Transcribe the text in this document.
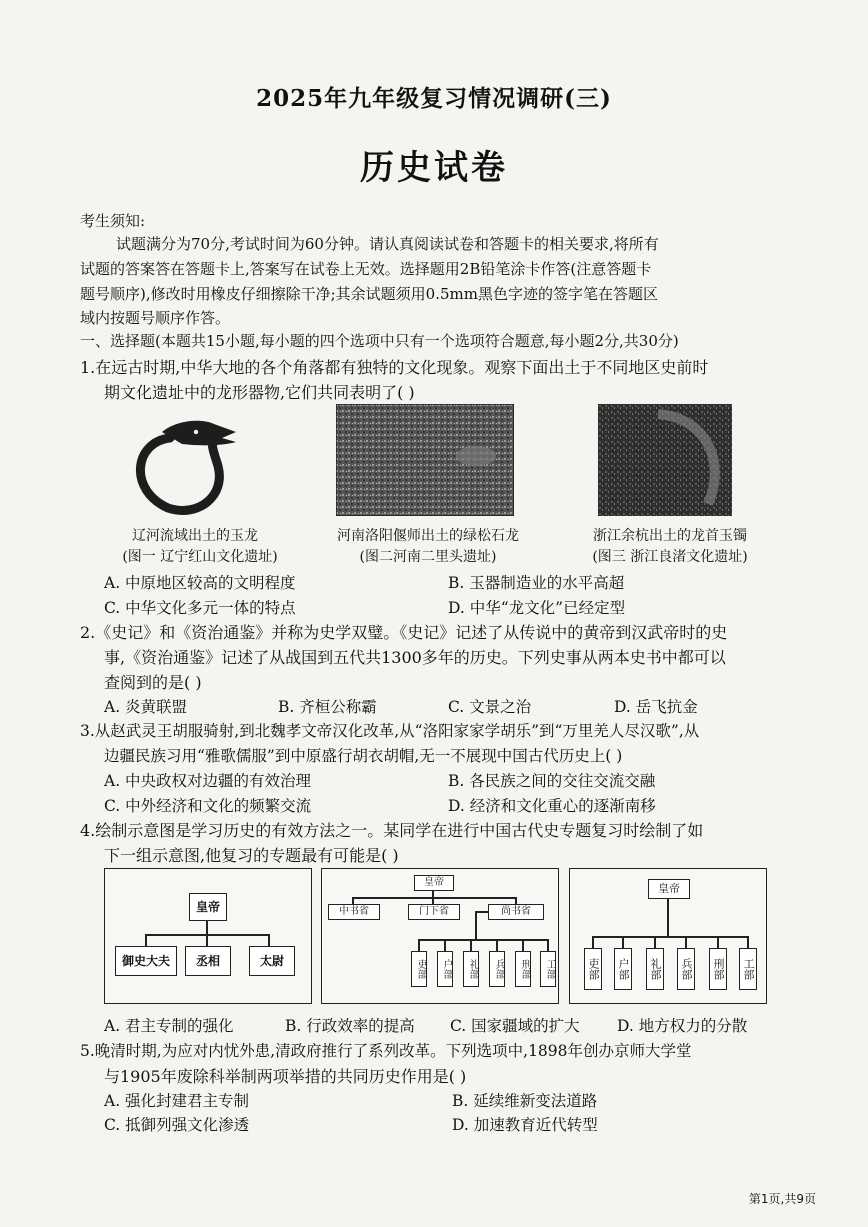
2025年九年级复习情况调研(三)
历史试卷
考生须知:
试题满分为70分,考试时间为60分钟。请认真阅读试卷和答题卡的相关要求,将所有
试题的答案答在答题卡上,答案写在试卷上无效。选择题用2B铅笔涂卡作答(注意答题卡
题号顺序),修改时用橡皮仔细擦除干净;其余试题须用0.5mm黑色字迹的签字笔在答题区
域内按题号顺序作答。
一、选择题(本题共15小题,每小题的四个选项中只有一个选项符合题意,每小题2分,共30分)
1.在远古时期,中华大地的各个角落都有独特的文化现象。观察下面出土于不同地区史前时
期文化遗址中的龙形器物,它们共同表明了( )
辽河流域出土的玉龙
(图一 辽宁红山文化遗址)
河南洛阳偃师出土的绿松石龙
(图二河南二里头遗址)
浙江余杭出土的龙首玉镯
(图三 浙江良渚文化遗址)
A. 中原地区较高的文明程度	B. 玉器制造业的水平高超
C. 中华文化多元一体的特点	D. 中华“龙文化”已经定型
2.《史记》和《资治通鉴》并称为史学双璧。《史记》记述了从传说中的黄帝到汉武帝时的史
事,《资治通鉴》记述了从战国到五代共1300多年的历史。下列史事从两本史书中都可以
查阅到的是( )
A. 炎黄联盟	B. 齐桓公称霸	C. 文景之治	D. 岳飞抗金
3.从赵武灵王胡服骑射,到北魏孝文帝汉化改革,从“洛阳家家学胡乐”到“万里羌人尽汉歌”,从
边疆民族习用“雅歌儒服”到中原盛行胡衣胡帽,无一不展现中国古代历史上( )
A. 中央政权对边疆的有效治理	B. 各民族之间的交往交流交融
C. 中外经济和文化的频繁交流	D. 经济和文化重心的逐渐南移
4.绘制示意图是学习历史的有效方法之一。某同学在进行中国古代史专题复习时绘制了如
下一组示意图,他复习的专题最有可能是( )
皇帝
御史大夫	丞相	太尉
皇帝
中书省	门下省	尚书省
吏部	户部	礼部	兵部	刑部	工部
皇帝
吏部 户部 礼部 兵部 刑部 工部
A. 君主专制的强化	B. 行政效率的提高 C. 国家疆域的扩大 D. 地方权力的分散
5.晚清时期,为应对内忧外患,清政府推行了系列改革。下列选项中,1898年创办京师大学堂
与1905年废除科举制两项举措的共同历史作用是( )
A. 强化封建君主专制	B. 延续维新变法道路
C. 抵御列强文化渗透	D. 加速教育近代转型
第1页,共9页
